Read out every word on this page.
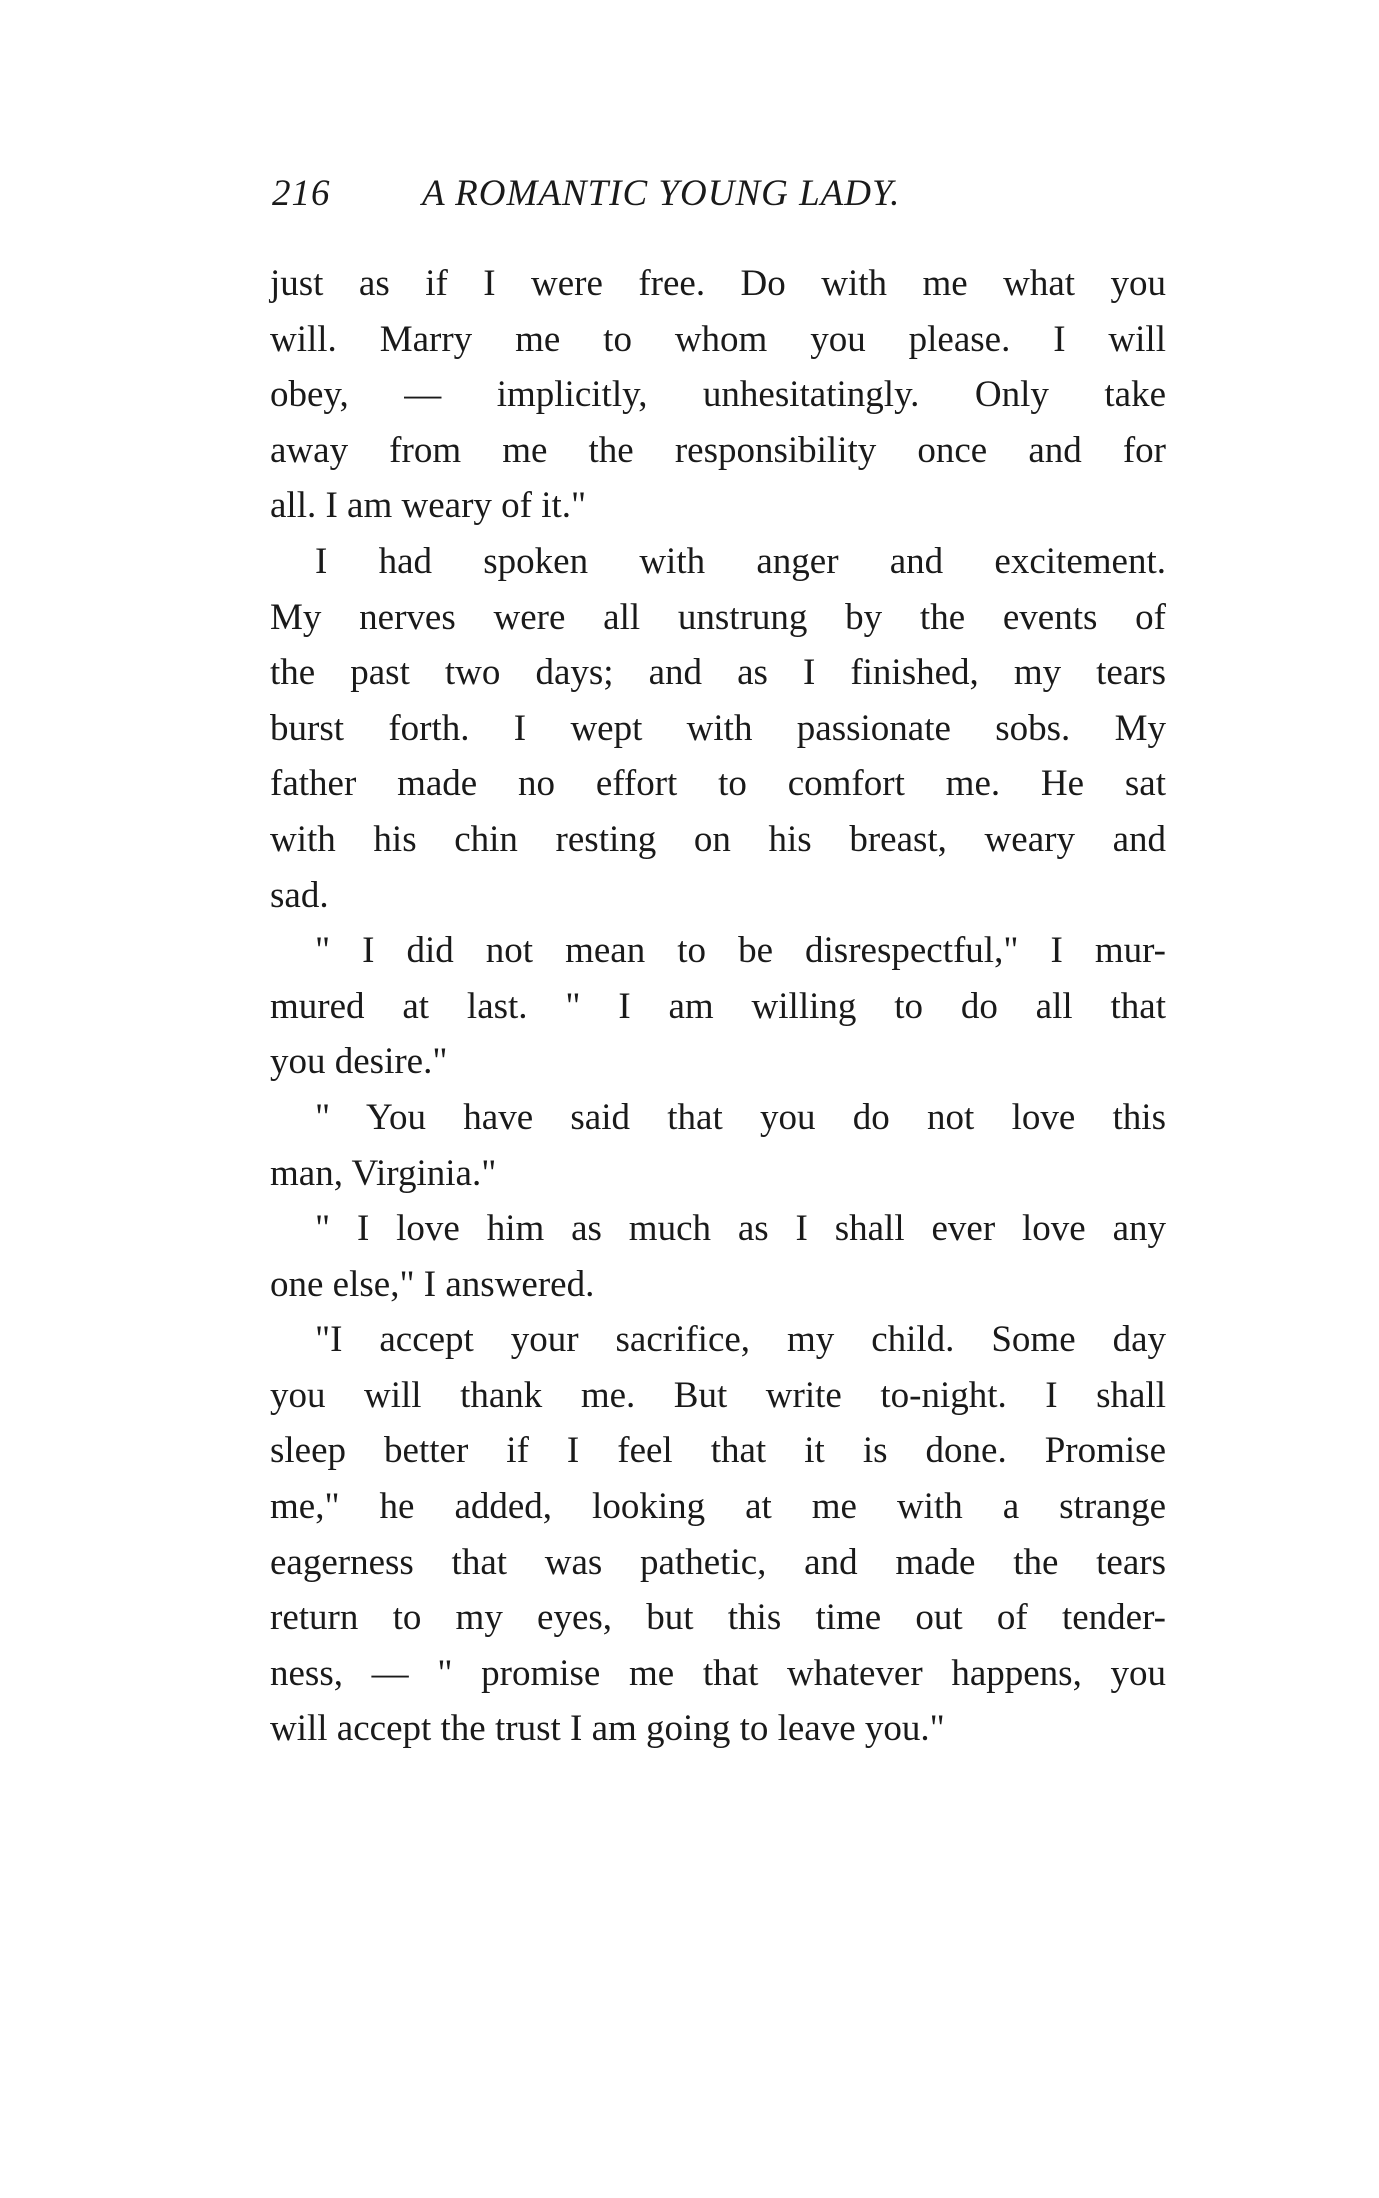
216 A ROMANTIC YOUNG LADY.
just as if I were free. Do with me what you
will. Marry me to whom you please. I will
obey, — implicitly, unhesitatingly. Only take
away from me the responsibility once and for
all. I am weary of it."
I had spoken with anger and excitement.
My nerves were all unstrung by the events of
the past two days; and as I finished, my tears
burst forth. I wept with passionate sobs. My
father made no effort to comfort me. He sat
with his chin resting on his breast, weary and
sad.
" I did not mean to be disrespectful," I mur-
mured at last. " I am willing to do all that
you desire."
" You have said that you do not love this
man, Virginia."
" I love him as much as I shall ever love any
one else," I answered.
"I accept your sacrifice, my child. Some day
you will thank me. But write to-night. I shall
sleep better if I feel that it is done. Promise
me," he added, looking at me with a strange
eagerness that was pathetic, and made the tears
return to my eyes, but this time out of tender-
ness, — " promise me that whatever happens, you
will accept the trust I am going to leave you."
